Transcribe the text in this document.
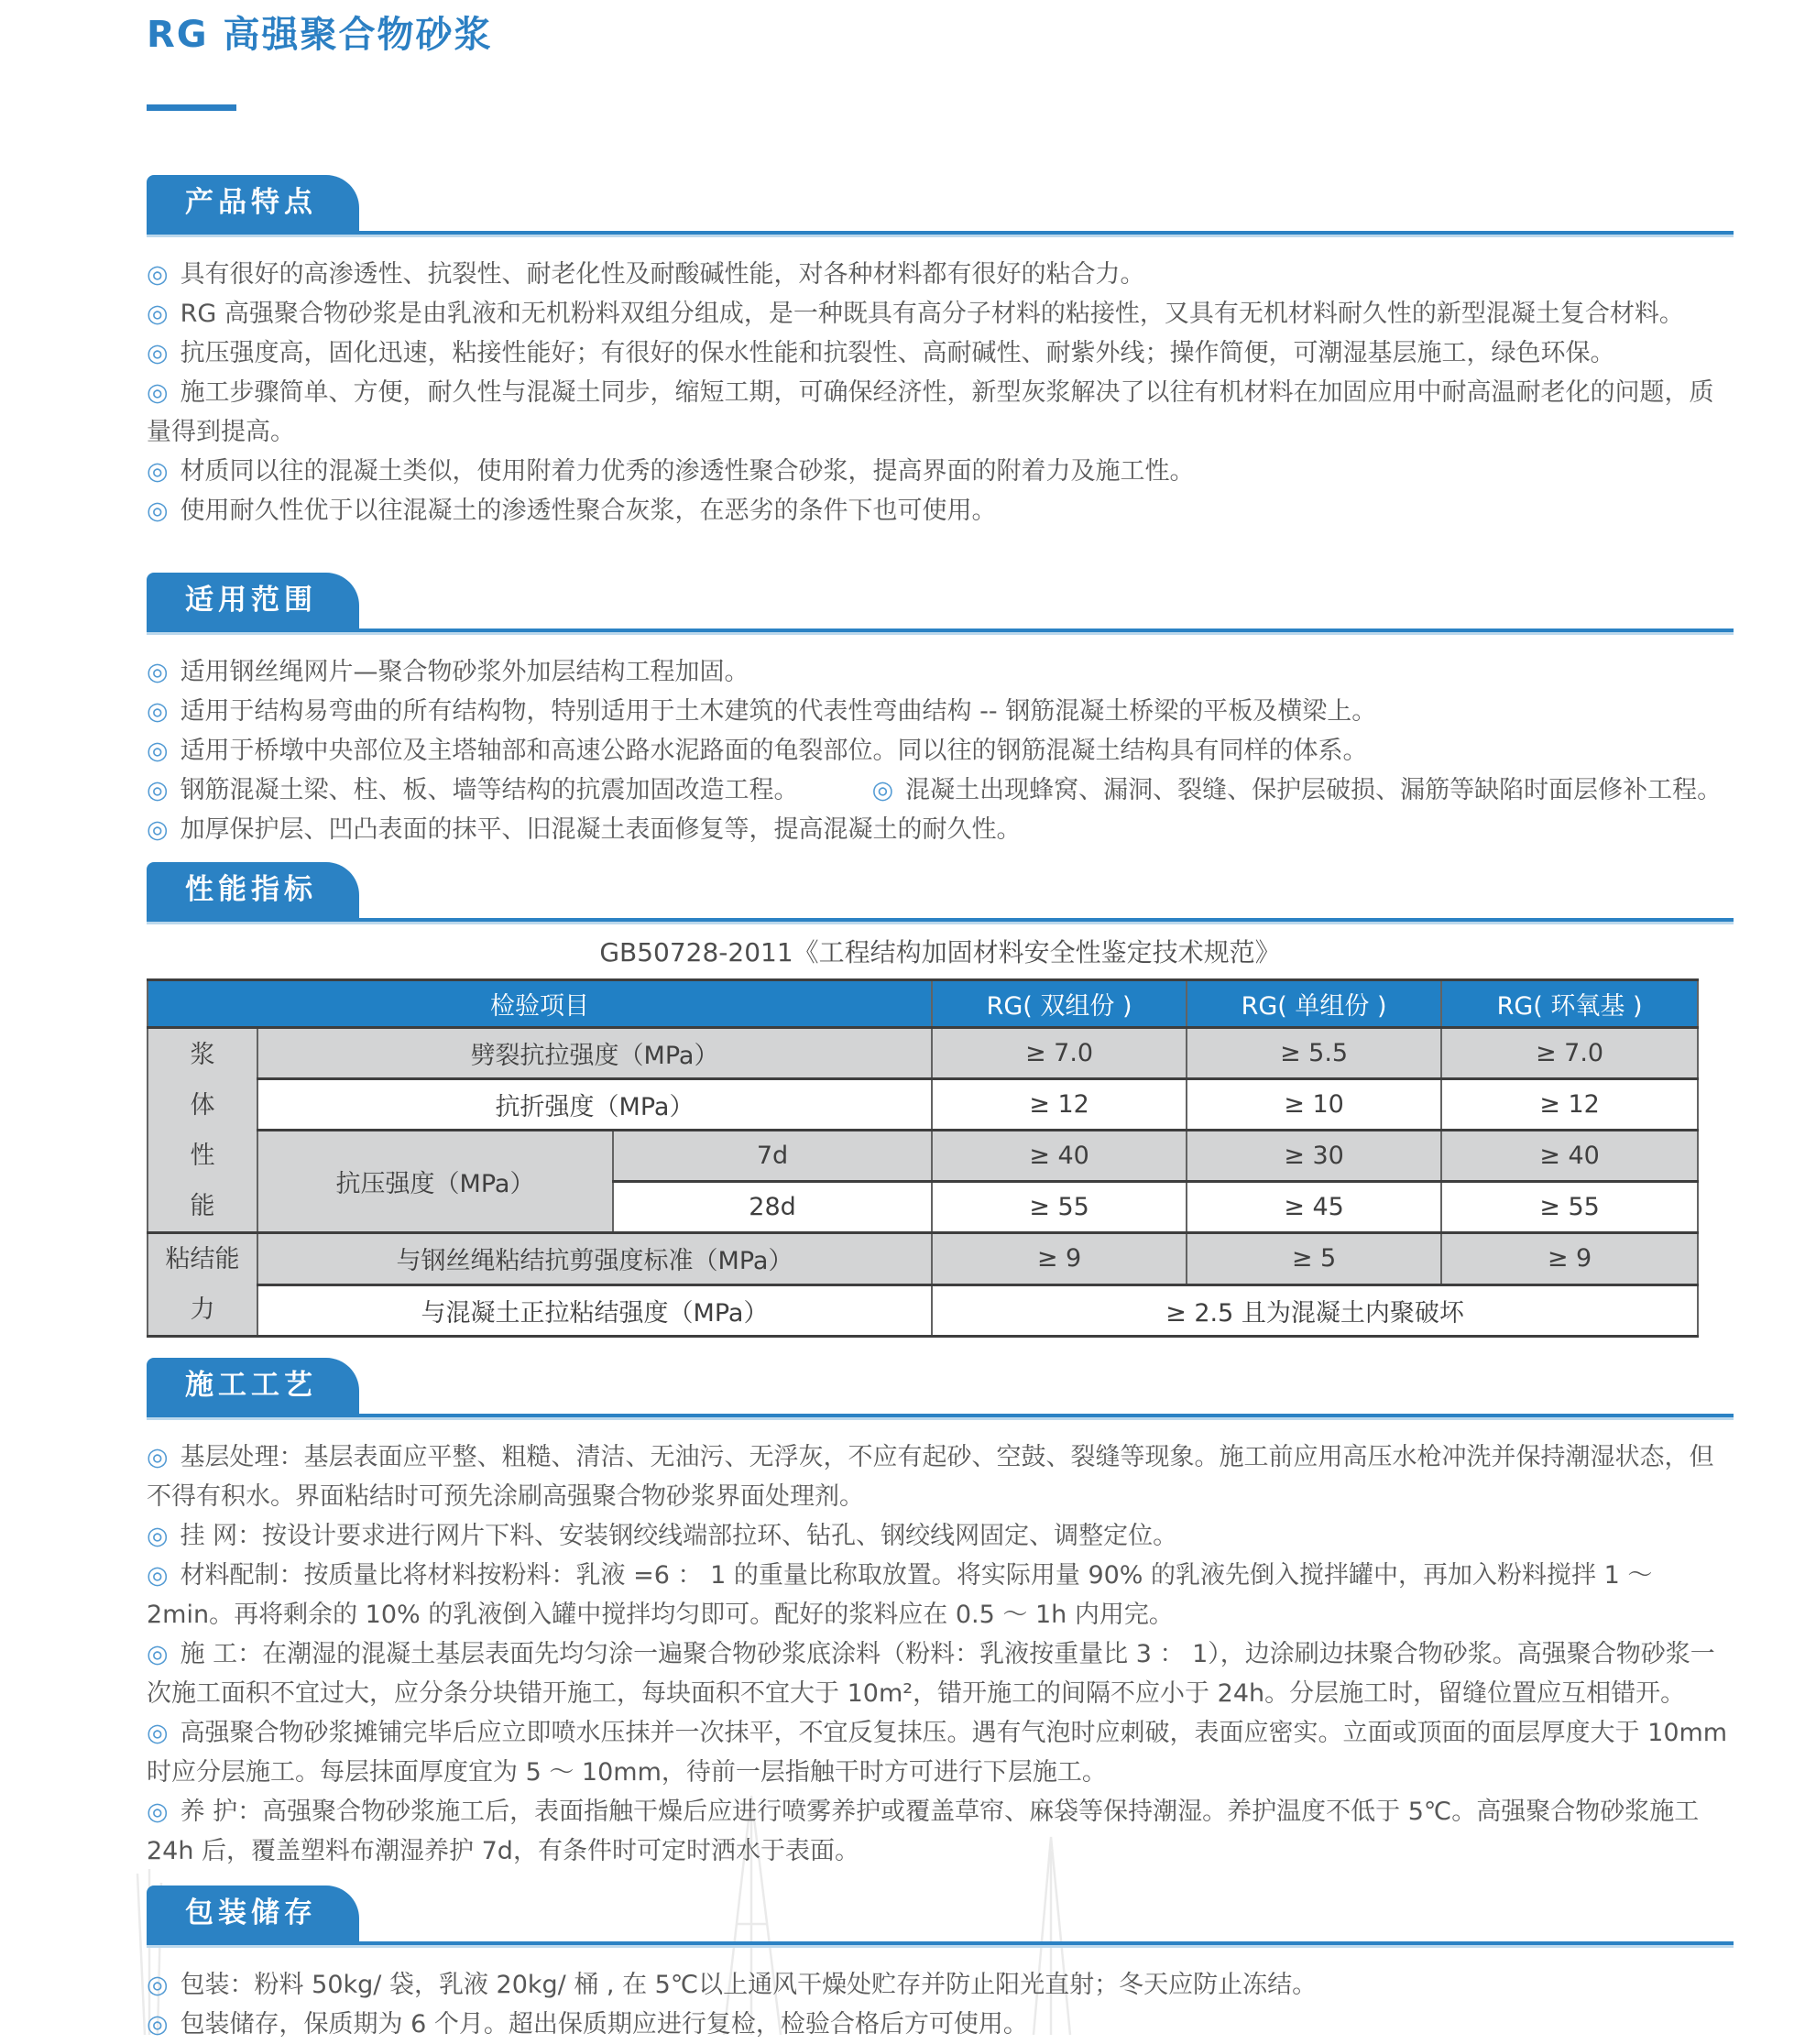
RG 高强聚合物砂浆
产品特点

◎ 具有很好的高渗透性、抗裂性、耐老化性及耐酸碱性能，对各种材料都有很好的粘合力。

◎ RG 高强聚合物砂浆是由乳液和无机粉料双组分组成，是一种既具有高分子材料的粘接性，又具有无机材料耐久性的新型混凝土复合材料。

◎ 抗压强度高，固化迅速，粘接性能好；有很好的保水性能和抗裂性、高耐碱性、耐紫外线；操作简便，可潮湿基层施工，绿色环保。

◎ 施工步骤简单、方便，耐久性与混凝土同步，缩短工期，可确保经济性，新型灰浆解决了以往有机材料在加固应用中耐高温耐老化的问题，质量得到提高。

◎ 材质同以往的混凝土类似，使用附着力优秀的渗透性聚合砂浆，提高界面的附着力及施工性。

◎ 使用耐久性优于以往混凝土的渗透性聚合灰浆，在恶劣的条件下也可使用。

适用范围

◎ 适用钢丝绳网片—聚合物砂浆外加层结构工程加固。

◎ 适用于结构易弯曲的所有结构物，特别适用于土木建筑的代表性弯曲结构 -- 钢筋混凝土桥梁的平板及横梁上。

◎ 适用于桥墩中央部位及主塔轴部和高速公路水泥路面的龟裂部位。同以往的钢筋混凝土结构具有同样的体系。

◎ 钢筋混凝土梁、柱、板、墙等结构的抗震加固改造工程。	◎ 混凝土出现蜂窝、漏洞、裂缝、保护层破损、漏筋等缺陷时面层修补工程。

◎ 加厚保护层、凹凸表面的抹平、旧混凝土表面修复等，提高混凝土的耐久性。

性能指标
GB50728-2011《工程结构加固材料安全性鉴定技术规范》
检验项目			RG( 双组份 )	RG( 单组份 )	RG( 环氧基 )

浆
体
性
能	劈裂抗拉强度（MPa）		≥ 7.0	≥ 5.5	≥ 7.0
	抗折强度（MPa）		≥ 12	≥ 10	≥ 12
	抗压强度（MPa）	7d	≥ 40	≥ 30	≥ 40
		28d	≥ 55	≥ 45	≥ 55

粘结能
力	与钢丝绳粘结抗剪强度标准（MPa）		≥ 9	≥ 5	≥ 9
	与混凝土正拉粘结强度（MPa）		≥ 2.5 且为混凝土内聚破坏		
施工工艺

◎ 基层处理：基层表面应平整、粗糙、清洁、无油污、无浮灰，不应有起砂、空鼓、裂缝等现象。施工前应用高压水枪冲洗并保持潮湿状态，但不得有积水。界面粘结时可预先涂刷高强聚合物砂浆界面处理剂。

◎ 挂 网：按设计要求进行网片下料、安装钢绞线端部拉环、钻孔、钢绞线网固定、调整定位。

◎ 材料配制：按质量比将材料按粉料：乳液 =6 ： 1 的重量比称取放置。将实际用量 90% 的乳液先倒入搅拌罐中，再加入粉料搅拌 1 ～ 2min。再将剩余的 10% 的乳液倒入罐中搅拌均匀即可。配好的浆料应在 0.5 ～ 1h 内用完。

◎ 施 工：在潮湿的混凝土基层表面先均匀涂一遍聚合物砂浆底涂料（粉料：乳液按重量比 3 ： 1），边涂刷边抹聚合物砂浆。高强聚合物砂浆一次施工面积不宜过大，应分条分块错开施工，每块面积不宜大于 10m²，错开施工的间隔不应小于 24h。分层施工时，留缝位置应互相错开。

◎ 高强聚合物砂浆摊铺完毕后应立即喷水压抹并一次抹平，不宜反复抹压。遇有气泡时应刺破，表面应密实。立面或顶面的面层厚度大于 10mm 时应分层施工。每层抹面厚度宜为 5 ～ 10mm，待前一层指触干时方可进行下层施工。

◎ 养 护：高强聚合物砂浆施工后，表面指触干燥后应进行喷雾养护或覆盖草帘、麻袋等保持潮湿。养护温度不低于 5℃。高强聚合物砂浆施工 24h 后，覆盖塑料布潮湿养护 7d，有条件时可定时洒水于表面。

包装储存

◎ 包装：粉料 50kg/ 袋，乳液 20kg/ 桶 , 在 5℃以上通风干燥处贮存并防止阳光直射；冬天应防止冻结。

◎ 包装储存，保质期为 6 个月。超出保质期应进行复检，检验合格后方可使用。
